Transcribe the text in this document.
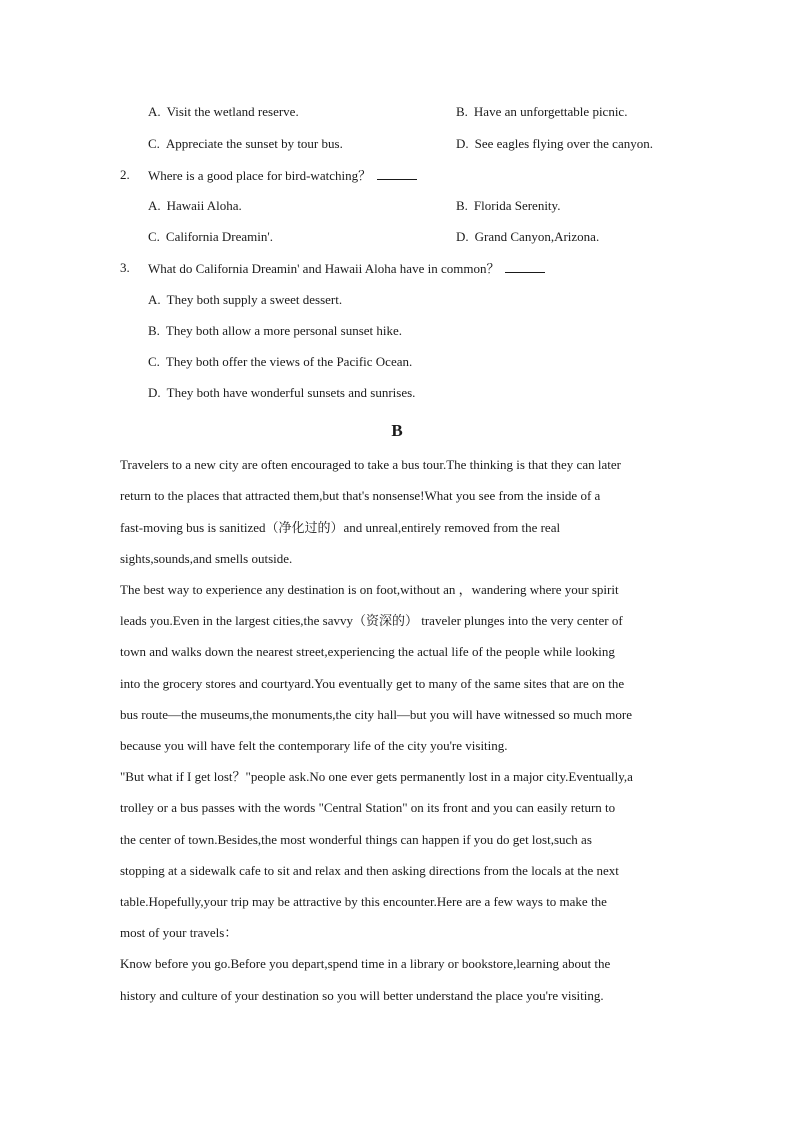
A. Visit the wetland reserve.	B. Have an unforgettable picnic.
C. Appreciate the sunset by tour bus.	D. See eagles flying over the canyon.
2. Where is a good place for bird-watching？
A. Hawaii Aloha.	B. Florida Serenity.
C. California Dreamin'.	D. Grand Canyon,Arizona.
3. What do California Dreamin' and Hawaii Aloha have in common？
A. They both supply a sweet dessert.
B. They both allow a more personal sunset hike.
C. They both offer the views of the Pacific Ocean.
D. They both have wonderful sunsets and sunrises.
B
Travelers to a new city are often encouraged to take a bus tour.The thinking is that they can later
return to the places that attracted them,but that's nonsense!What you see from the inside of a
fast-moving bus is sanitized（净化过的）and unreal,entirely removed from the real
sights,sounds,and smells outside.
The best way to experience any destination is on foot,without an ，wandering where your spirit
leads you.Even in the largest cities,the savvy（资深的） traveler plunges into the very center of
town and walks down the nearest street,experiencing the actual life of the people while looking
into the grocery stores and courtyard.You eventually get to many of the same sites that are on the
bus route—the museums,the monuments,the city hall—but you will have witnessed so much more
because you will have felt the contemporary life of the city you're visiting.
"But what if I get lost？"people ask.No one ever gets permanently lost in a major city.Eventually,a
trolley or a bus passes with the words "Central Station" on its front and you can easily return to
the center of town.Besides,the most wonderful things can happen if you do get lost,such as
stopping at a sidewalk cafe to sit and relax and then asking directions from the locals at the next
table.Hopefully,your trip may be attractive by this encounter.Here are a few ways to make the
most of your travels：
Know before you go.Before you depart,spend time in a library or bookstore,learning about the
history and culture of your destination so you will better understand the place you're visiting.
